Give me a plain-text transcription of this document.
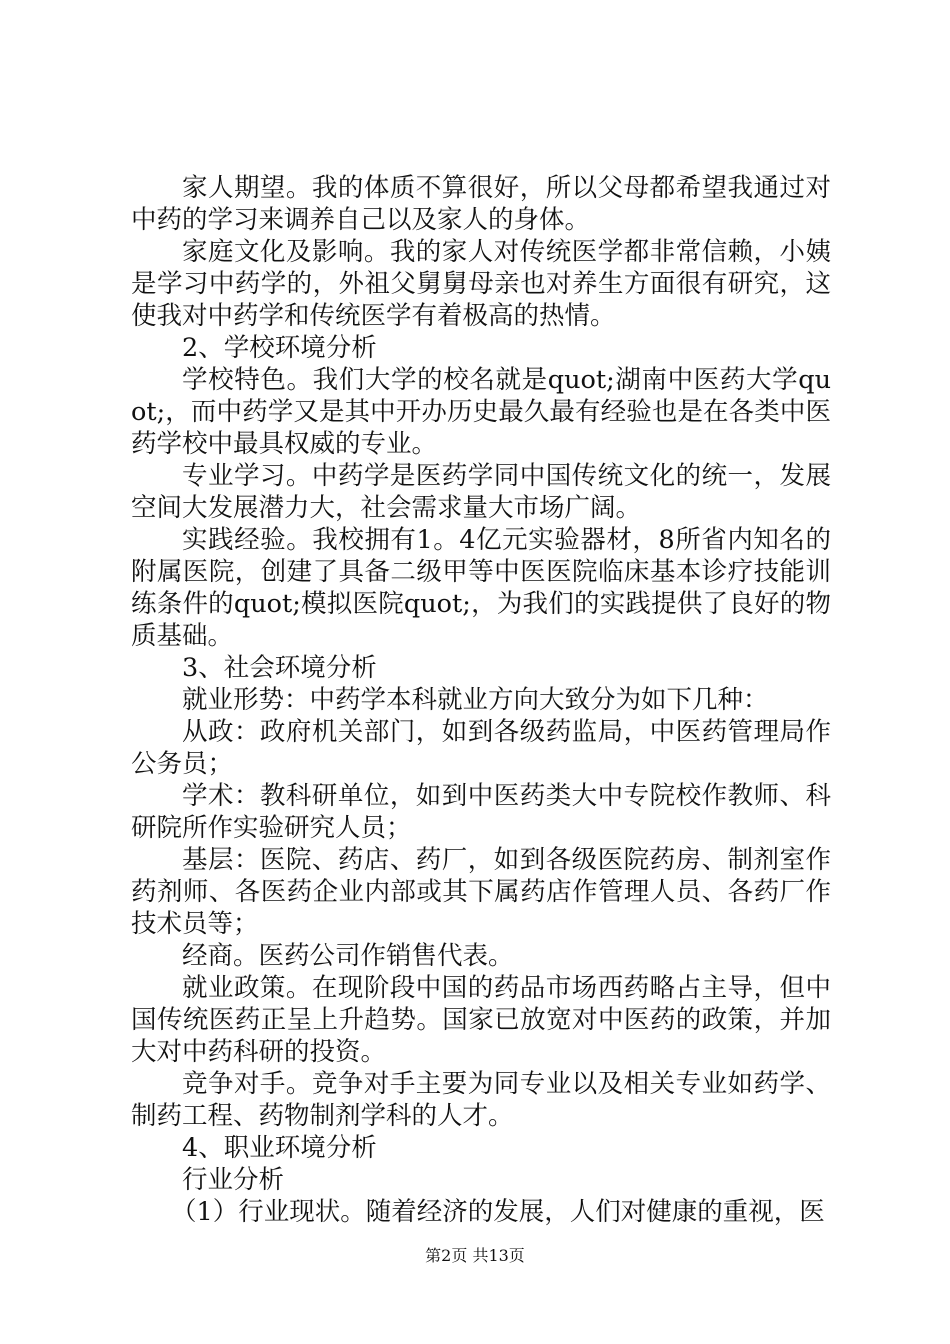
家人期望。我的体质不算很好，所以父母都希望我通过对中药的学习来调养自己以及家人的身体。

家庭文化及影响。我的家人对传统医学都非常信赖，小姨是学习中药学的，外祖父舅舅母亲也对养生方面很有研究，这使我对中药学和传统医学有着极高的热情。

2、学校环境分析

学校特色。我们大学的校名就是quot;湖南中医药大学quot;，而中药学又是其中开办历史最久最有经验也是在各类中医药学校中最具权威的专业。

专业学习。中药学是医药学同中国传统文化的统一，发展空间大发展潜力大，社会需求量大市场广阔。

实践经验。我校拥有1。4亿元实验器材，8所省内知名的附属医院，创建了具备二级甲等中医医院临床基本诊疗技能训练条件的quot;模拟医院quot;，为我们的实践提供了良好的物质基础。

3、社会环境分析

就业形势：中药学本科就业方向大致分为如下几种：

从政：政府机关部门，如到各级药监局，中医药管理局作公务员；

学术：教科研单位，如到中医药类大中专院校作教师、科研院所作实验研究人员；

基层：医院、药店、药厂，如到各级医院药房、制剂室作药剂师、各医药企业内部或其下属药店作管理人员、各药厂作技术员等；

经商。医药公司作销售代表。

就业政策。在现阶段中国的药品市场西药略占主导，但中国传统医药正呈上升趋势。国家已放宽对中医药的政策，并加大对中药科研的投资。

竞争对手。竞争对手主要为同专业以及相关专业如药学、制药工程、药物制剂学科的人才。

4、职业环境分析

行业分析

（1）行业现状。随着经济的发展，人们对健康的重视，医

第2页 共13页
